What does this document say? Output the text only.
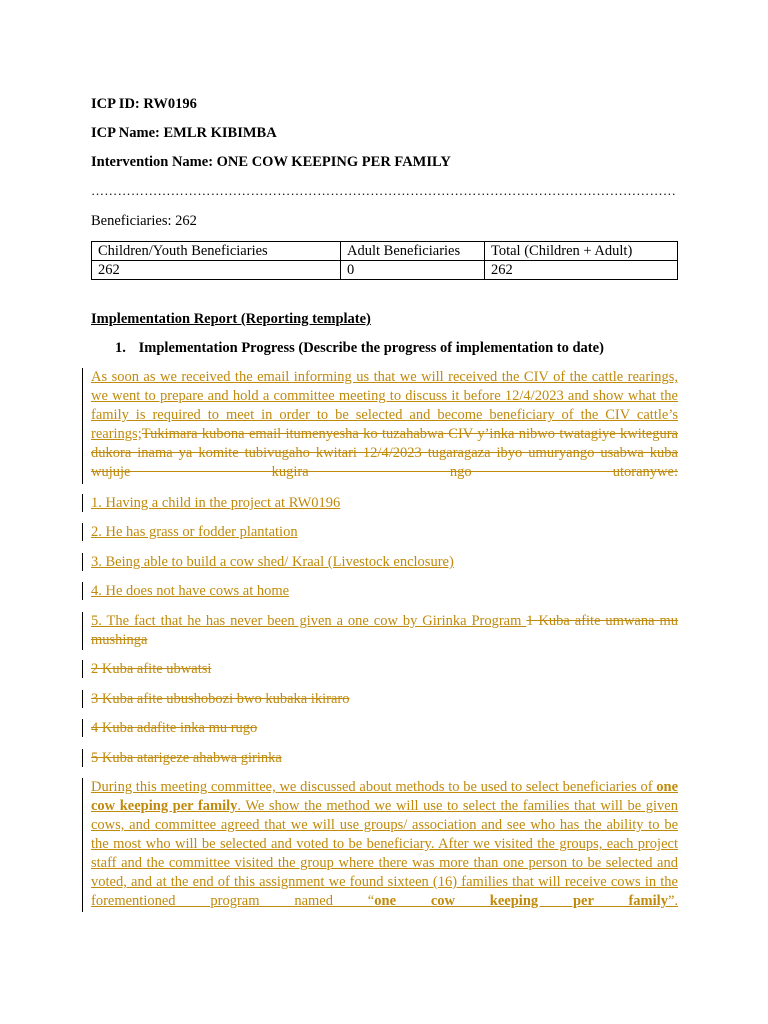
ICP ID: RW0196
ICP Name: EMLR KIBIMBA
Intervention Name: ONE COW KEEPING PER FAMILY
……………………………………………………………………………………………………………………
Beneficiaries: 262
Children/Youth Beneficiaries	Adult Beneficiaries	Total (Children + Adult)
262	0	262
Implementation Report (Reporting template)
1. Implementation Progress (Describe the progress of implementation to date)
As soon as we received the email informing us that we will received the CIV of the cattle rearings, we went to prepare and hold a committee meeting to discuss it before 12/4/2023 and show what the family is required to meet in order to be selected and become beneficiary of the CIV cattle’s rearings;Tukimara kubona email itumenyesha ko tuzahabwa CIV y’inka nibwo twatagiye kwitegura dukora inama ya komite tubivugaho kwitari 12/4/2023 tugaragaza ibyo umuryango usabwa kuba wujuje kugira ngo utoranywe:
1. Having a child in the project at RW0196
2. He has grass or fodder plantation
3. Being able to build a cow shed/ Kraal (Livestock enclosure)
4. He does not have cows at home
5. The fact that he has never been given a one cow by Girinka Program 1 Kuba afite umwana mu mushinga
2 Kuba afite ubwatsi
3 Kuba afite ubushobozi bwo kubaka ikiraro
4 Kuba adafite inka mu rugo
5 Kuba atarigeze ahabwa girinka
During this meeting committee, we discussed about methods to be used to select beneficiaries of one cow keeping per family. We show the method we will use to select the families that will be given cows, and committee agreed that we will use groups/ association and see who has the ability to be the most who will be selected and voted to be beneficiary. After we visited the groups, each project staff and the committee visited the group where there was more than one person to be selected and voted, and at the end of this assignment we found sixteen (16) families that will receive cows in the forementioned program named “one cow keeping per family”.
